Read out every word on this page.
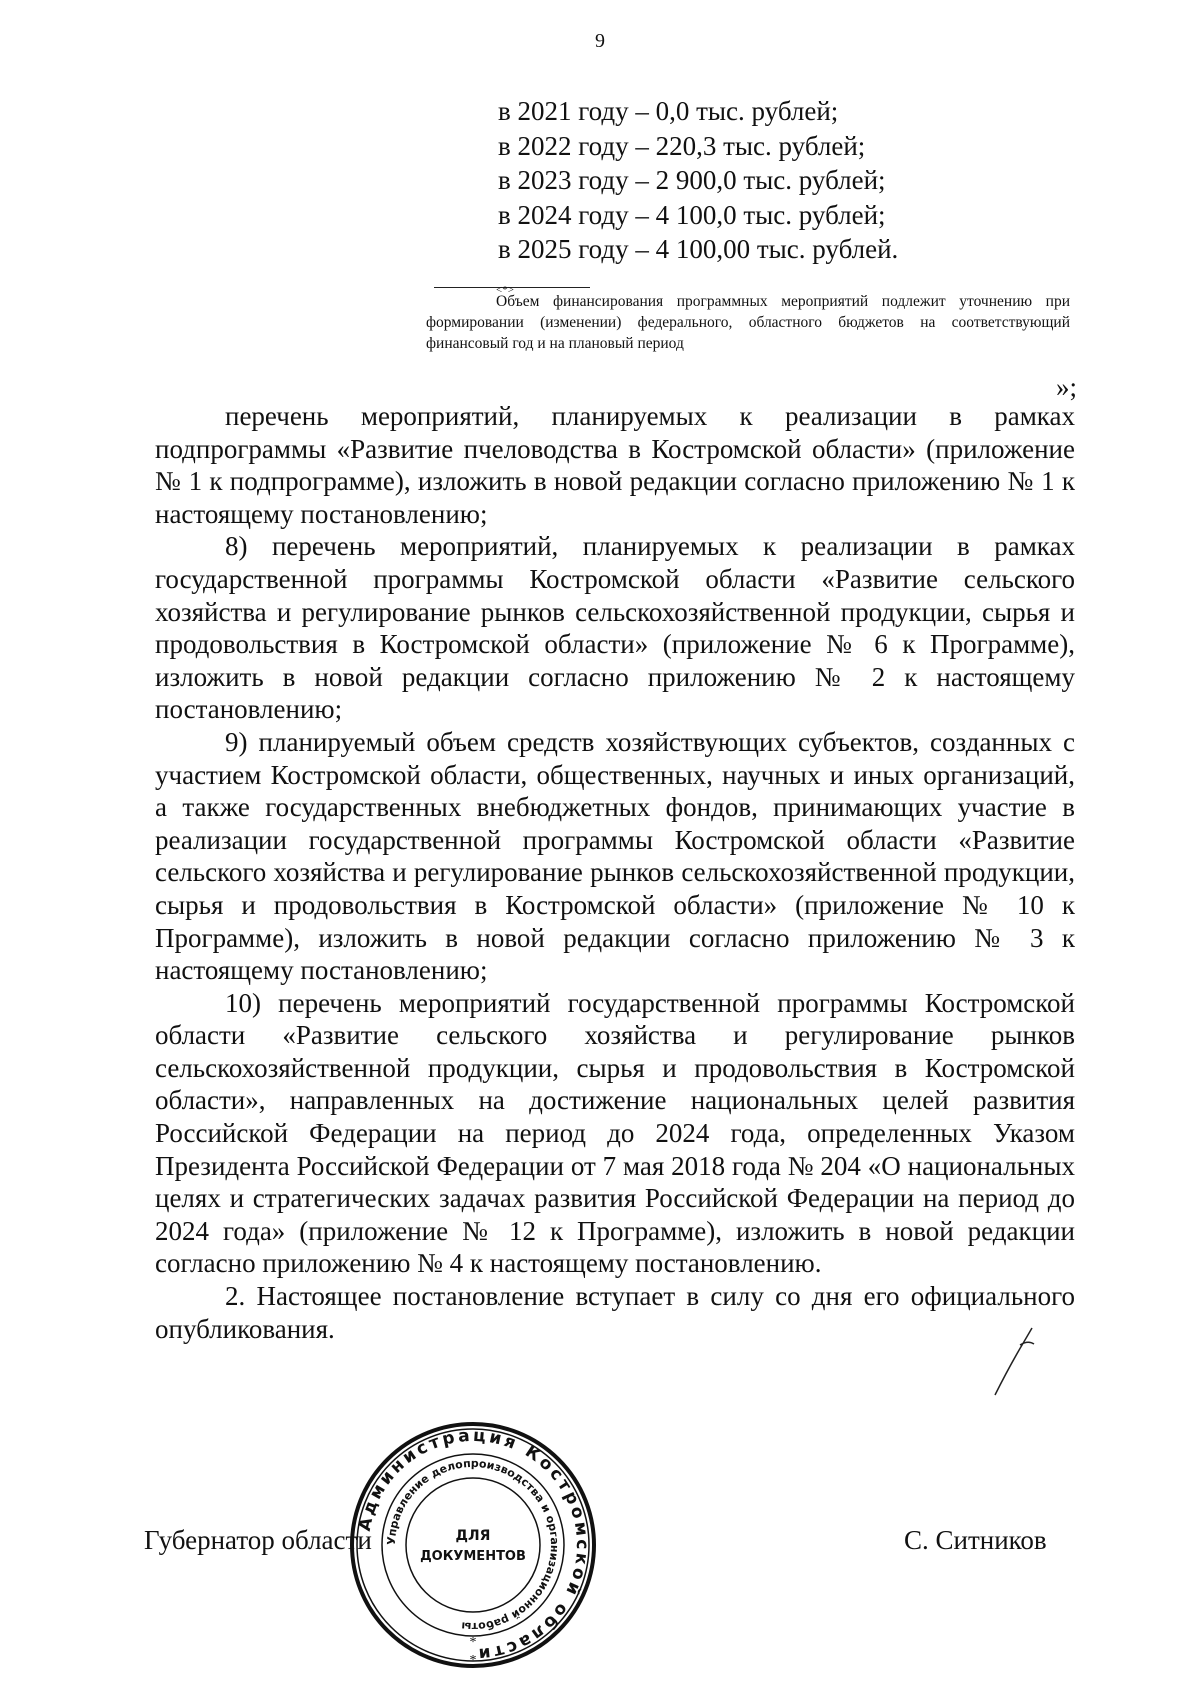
9
в 2021 году – 0,0 тыс. рублей;
в 2022 году – 220,3 тыс. рублей;
в 2023 году – 2 900,0 тыс. рублей;
в 2024 году – 4 100,0 тыс. рублей;
в 2025 году – 4 100,00 тыс. рублей.
<*>
Объем финансирования программных мероприятий подлежит уточнению при формировании (изменении) федерального, областного бюджетов на соответствующий финансовый год и на плановый период
»;

перечень мероприятий, планируемых к реализации в рамках подпрограммы «Развитие пчеловодства в Костромской области» (приложение № 1 к подпрограмме), изложить в новой редакции согласно приложению № 1 к настоящему постановлению;

8) перечень мероприятий, планируемых к реализации в рамках государственной программы Костромской области «Развитие сельского хозяйства и регулирование рынков сельскохозяйственной продукции, сырья и продовольствия в Костромской области» (приложение № 6 к Программе), изложить в новой редакции согласно приложению № 2 к настоящему постановлению;

9) планируемый объем средств хозяйствующих субъектов, созданных с участием Костромской области, общественных, научных и иных организаций, а также государственных внебюджетных фондов, принимающих участие в реализации государственной программы Костромской области «Развитие сельского хозяйства и регулирование рынков сельскохозяйственной продукции, сырья и продовольствия в Костромской области» (приложение № 10 к Программе), изложить в новой редакции согласно приложению № 3 к настоящему постановлению;

10) перечень мероприятий государственной программы Костромской области «Развитие сельского хозяйства и регулирование рынков сельскохозяйственной продукции, сырья и продовольствия в Костромской области», направленных на достижение национальных целей развития Российской Федерации на период до 2024 года, определенных Указом Президента Российской Федерации от 7 мая 2018 года № 204 «О национальных целях и стратегических задачах развития Российской Федерации на период до 2024 года» (приложение № 12 к Программе), изложить в новой редакции согласно приложению № 4 к настоящему постановлению.

2. Настоящее постановление вступает в силу со дня его официального опубликования.

Губернатор области	С. Ситников
Администрация Костромской области
Управление делопроизводства и организационной работы
ДЛЯ
ДОКУМЕНТОВ
*
*
